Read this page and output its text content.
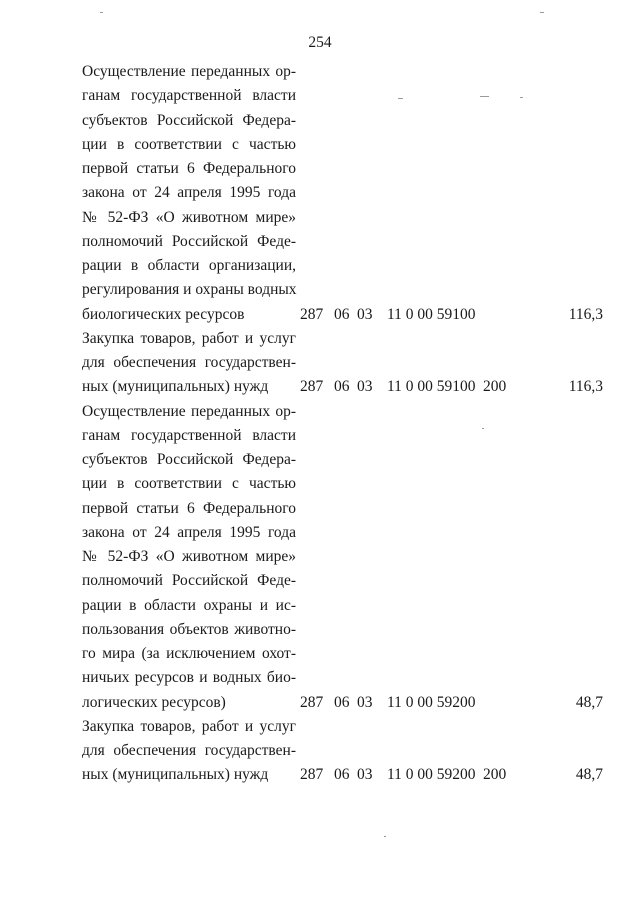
254
Осуществление переданных ор-
ганам государственной власти
субъектов Российской Федера-
ции в соответствии с частью
первой статьи 6 Федерального
закона от 24 апреля 1995 года
№ 52-ФЗ «О животном мире»
полномочий Российской Феде-
рации в области организации,
регулирования и охраны водных
биологических ресурсов	287 06 03 11 0 00 59100	116,3
Закупка товаров, работ и услуг
для обеспечения государствен-
ных (муниципальных) нужд	287 06 03 11 0 00 59100 200	116,3
Осуществление переданных ор-
ганам государственной власти
субъектов Российской Федера-
ции в соответствии с частью
первой статьи 6 Федерального
закона от 24 апреля 1995 года
№ 52-ФЗ «О животном мире»
полномочий Российской Феде-
рации в области охраны и ис-
пользования объектов животно-
го мира (за исключением охот-
ничьих ресурсов и водных био-
логических ресурсов)	287 06 03 11 0 00 59200	48,7
Закупка товаров, работ и услуг
для обеспечения государствен-
ных (муниципальных) нужд	287 06 03 11 0 00 59200 200	48,7
